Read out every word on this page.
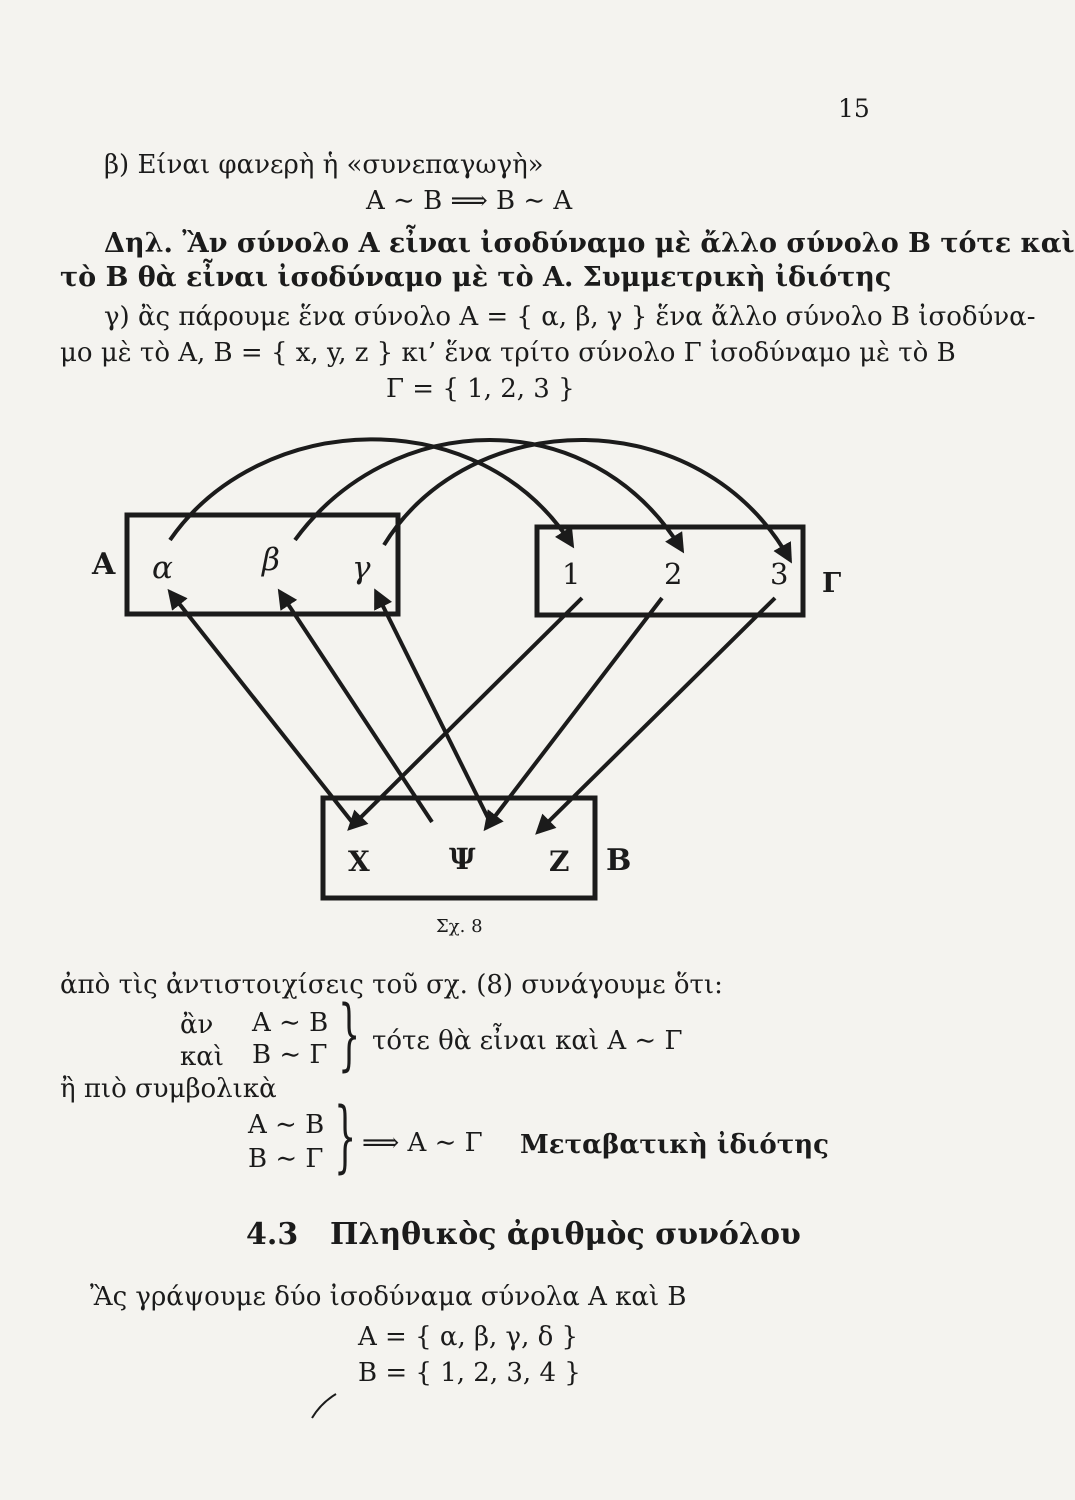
15
β) Είναι φανερὴ ἡ «συνεπαγωγὴ»
A ∼ B ⟹ B ∼ A
Δηλ. Ἂν σύνολο Α εἶναι ἰσοδύναμο μὲ ἄλλο σύνολο Β τότε καὶ
τὸ Β θὰ εἶναι ἰσοδύναμο μὲ τὸ Α. Συμμετρικὴ ἰδιότης
γ) ἂς πάρουμε ἕνα σύνολο A = { α, β, γ } ἕνα ἄλλο σύνολο B ἰσοδύνα-
μο μὲ τὸ Α, B = { x, y, z } κι’ ἕνα τρίτο σύνολο Γ ἰσοδύναμο μὲ τὸ Β
Γ = { 1, 2, 3 }
A α	β γ	1	2	3 Γ
X	Ψ	Z B
Σχ. 8
ἀπὸ τὶς ἀντιστοιχίσεις τοῦ σχ. (8) συνάγουμε ὅτι:
ἂν
καὶ
A ∼ B
B ∼ Γ } τότε θὰ εἶναι καὶ A ∼ Γ
ἢ πιὸ συμβολικὰ
A ∼ B
B ∼ Γ } ⟹ A ∼ Γ Μεταβατικὴ ἰδιότης
4.3 Πληθικὸς ἀριθμὸς συνόλου
Ἂς γράψουμε δύο ἰσοδύναμα σύνολα Α καὶ Β
A = { α, β, γ, δ }
B = { 1, 2, 3, 4 }
